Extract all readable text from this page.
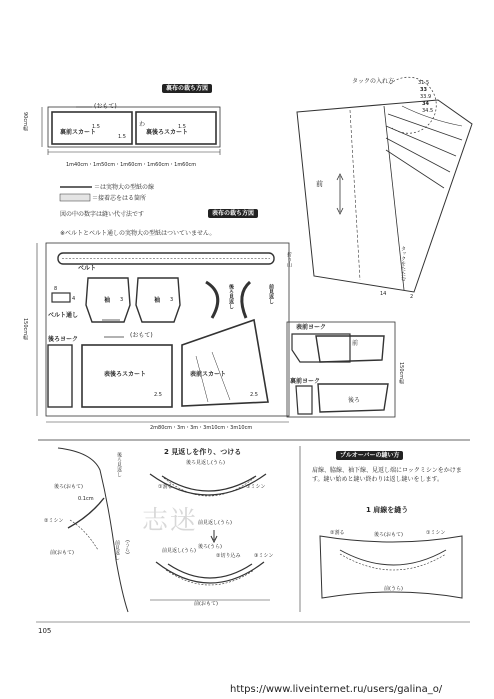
裏布の裁ち方図
表布の裁ち方図
プルオーバーの縫い方
タックの入れ方	31.5
33
33.9
34
34.5
前
タックをたたむ
14	2
90cm幅
(おもて)
裏前スカート	裏後ろスカート
わ
1.5
1.5
1.5
1m40cm・1m50cm・1m60cm・1m60cm・1m60cm
＝は実物大の型紙の線
＝接着芯をはる箇所
図の中の数字は縫い代寸法です
※ベルトとベルト通しの実物大の型紙はついていません。
ベルト
8
4
ベルト通し
後ろヨーク
袖	袖
3	3	後ろ見返し	前見返し
折り山
(おもて)
150cm幅
表後ろスカート	表前スカート
2.5	2.5
表前ヨーク
前
裏前ヨーク
後ろ
150cm幅
2m80cm・3m・3m・3m10cm・3m10cm
2 見返しを作り、つける
後ろ見返し(うら)
①割る	①ミシン
前見返し(うら)
後ろ(うら)
②切り込み	③ミシン
前見返し(うら)
前(おもて)
後ろ(おもて)
0.1cm
②ミシン
前(おもて)
後ろ見返し
前見返し (うら)
肩線、脇線、袖下線、見返し端にロックミシンをかけます。縫い始めと縫い終わりは返し縫いをします。
1 肩線を縫う
②割る	後ろ(おもて)	①ミシン
前(うら)
志迷
105
https://www.liveinternet.ru/users/galina_o/
